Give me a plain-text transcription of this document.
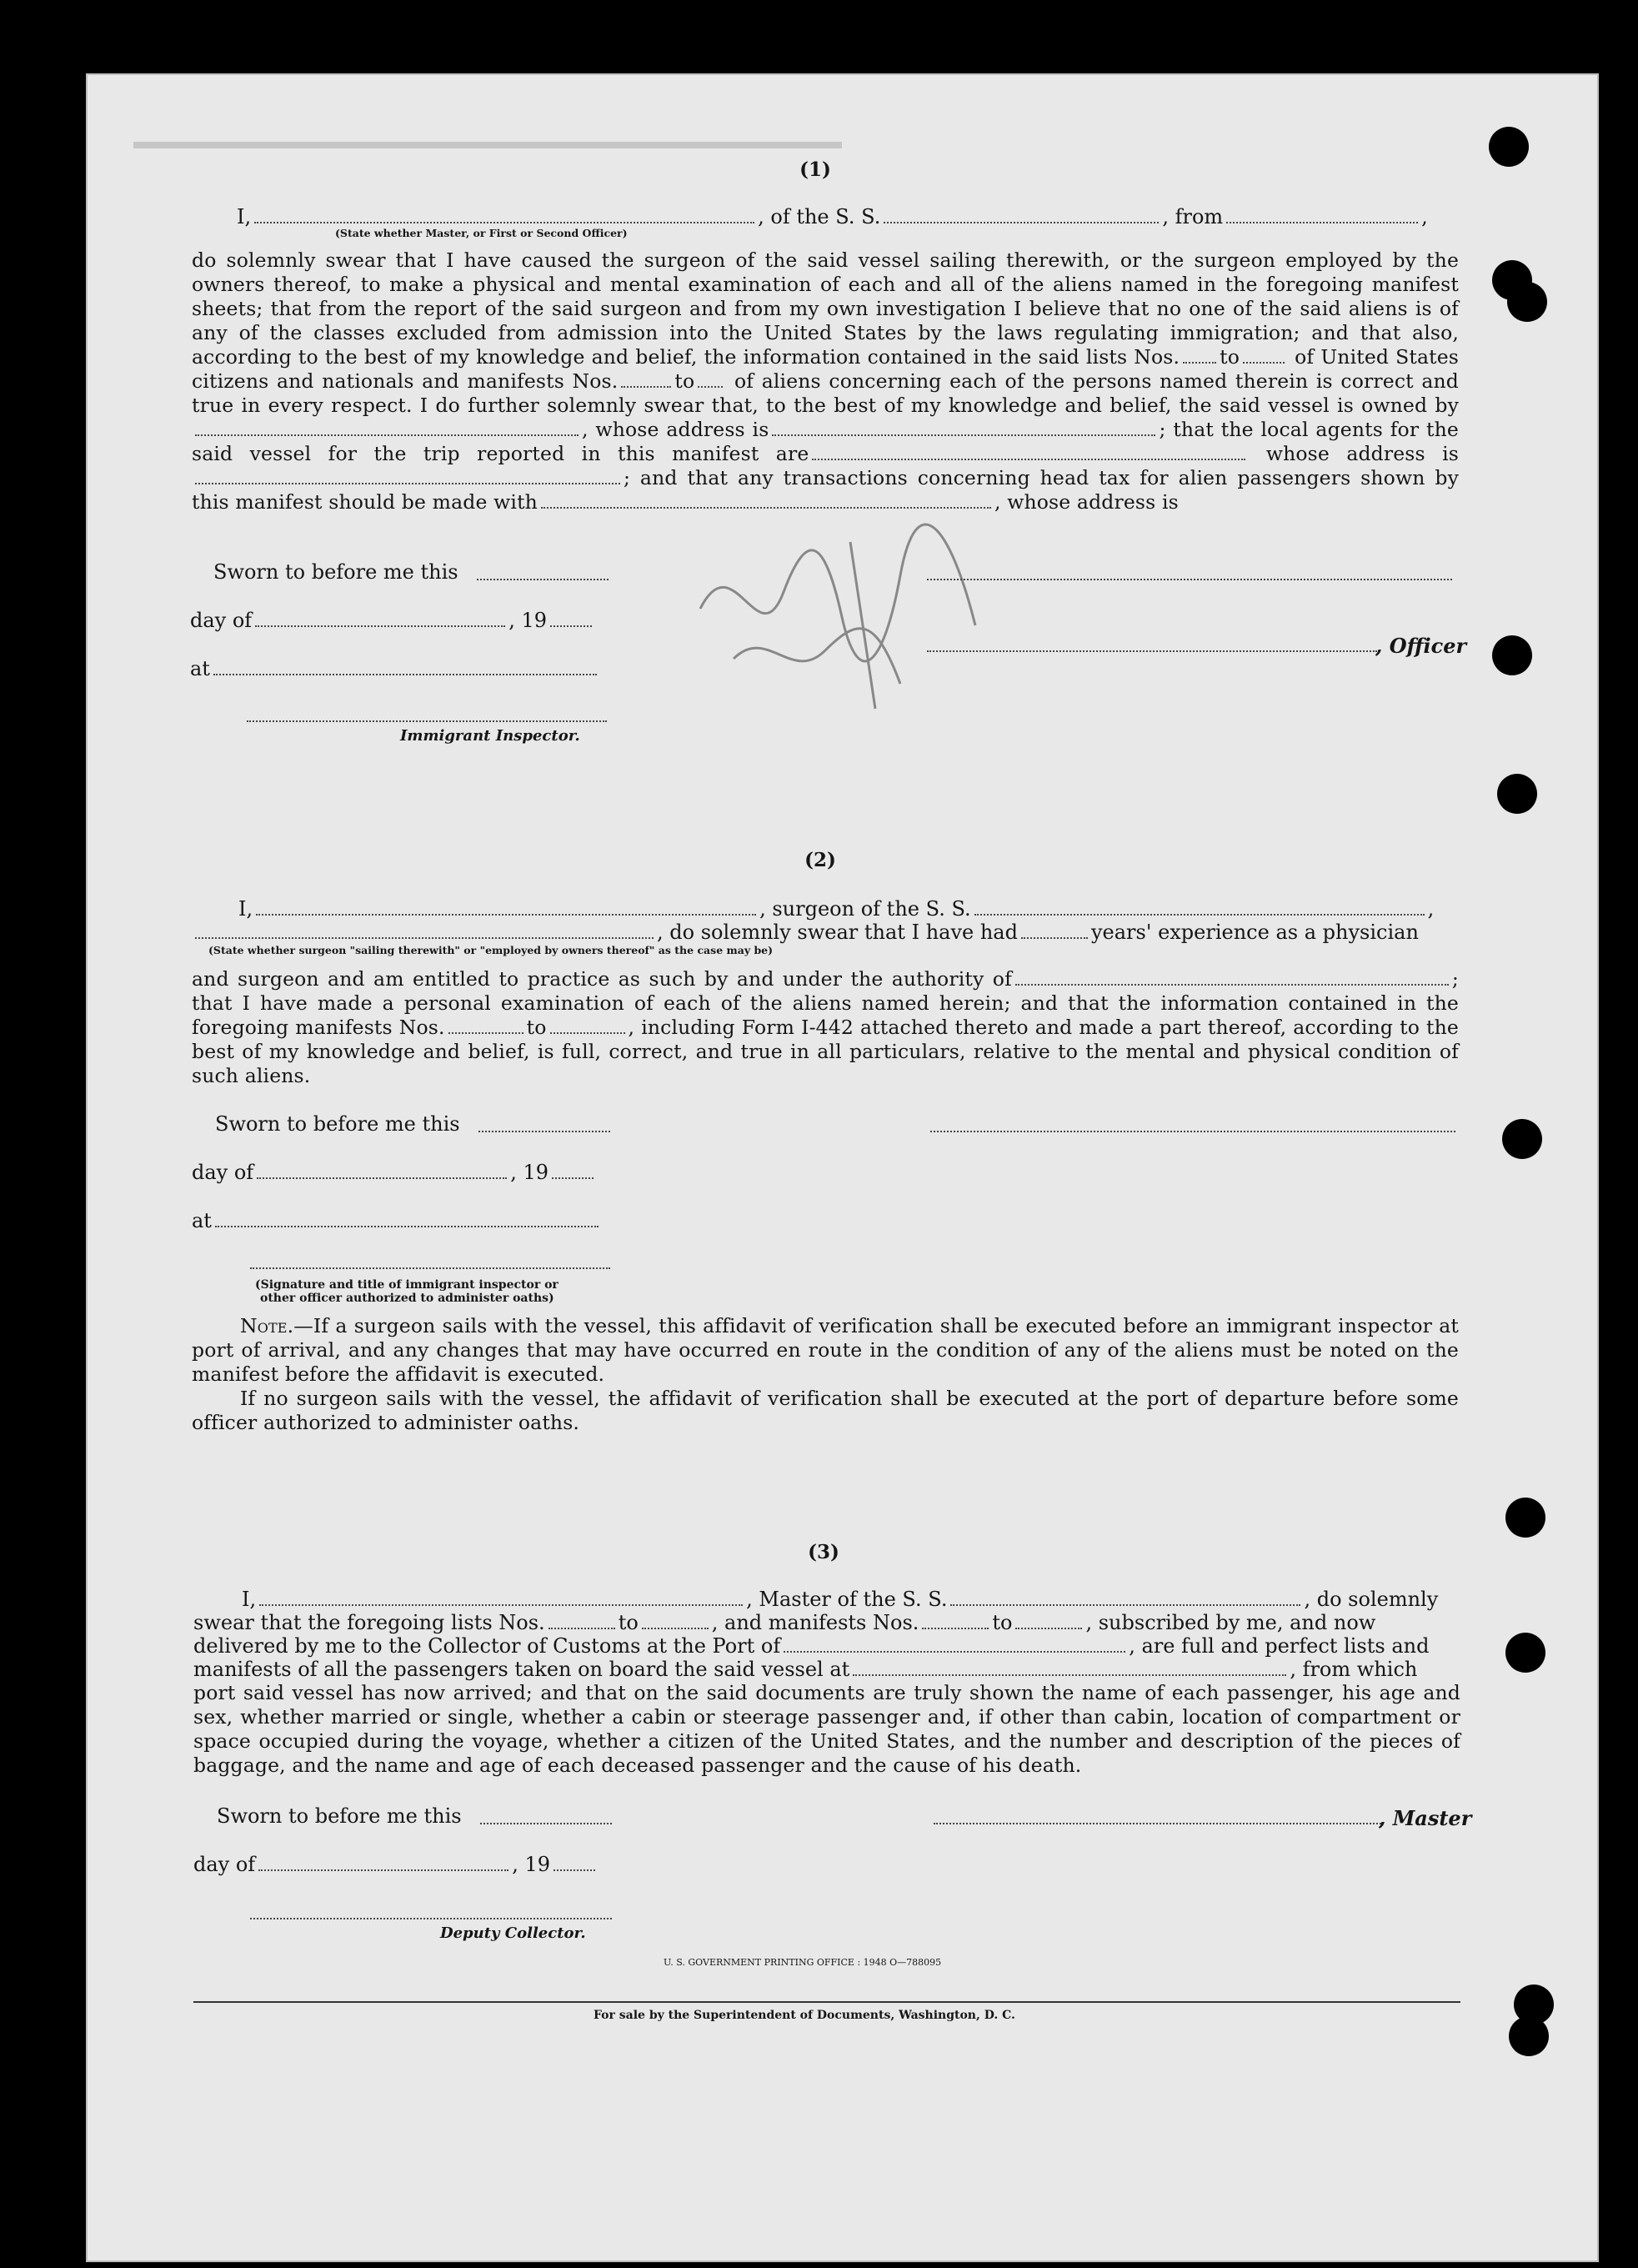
(1)
I,	, of the S. S.	, from	,
(State whether Master, or First or Second Officer)

do solemnly swear that I have caused the surgeon of the said vessel sailing therewith, or the surgeon employed by the owners thereof, to make a physical and mental examination of each and all of the aliens named in the foregoing manifest sheets; that from the report of the said surgeon and from my own investigation I believe that no one of the said aliens is of any of the classes excluded from admission into the United States by the laws regulating immigration; and that also, according to the best of my knowledge and belief, the information contained in the said lists Nos. to	of United States citizens and nationals and manifests Nos.	to of aliens concerning each of the persons named therein is correct and true in every respect. I do further solemnly swear that, to the best of my knowledge and belief, the said vessel is owned by, whose address is	; that the local agents for the said vessel for the trip reported in this manifest are	whose address is; and that any transactions concerning head tax for alien passengers shown by this manifest should be made with	, whose address is

Sworn to before me this
day of	, 19
, Officer
at
Immigrant Inspector.
(2)
I,	, surgeon of the S. S.	,
, do solemnly swear that I have had	years' experience as a physician
(State whether surgeon "sailing therewith" or "employed by owners thereof" as the case may be)

and surgeon and am entitled to practice as such by and under the authority of	; that I have made a personal examination of each of the aliens named herein; and that the information contained in the foregoing manifests Nos.	to	, including Form I-442 attached thereto and made a part thereof, according to the best of my knowledge and belief, is full, correct, and true in all particulars, relative to the mental and physical condition of such aliens.

Sworn to before me this
day of	, 19
at
(Signature and title of immigrant inspector or
other officer authorized to administer oaths)

Note.—If a surgeon sails with the vessel, this affidavit of verification shall be executed before an immigrant inspector at port of arrival, and any changes that may have occurred en route in the condition of any of the aliens must be noted on the manifest before the affidavit is executed.

If no surgeon sails with the vessel, the affidavit of verification shall be executed at the port of departure before some officer authorized to administer oaths.

(3)
I,	, Master of the S. S.	, do solemnly
swear that the foregoing lists Nos.	to	, and manifests Nos.	to	, subscribed by me, and now
delivered by me to the Collector of Customs at the Port of	, are full and perfect lists and
manifests of all the passengers taken on board the said vessel at	, from which

port said vessel has now arrived; and that on the said documents are truly shown the name of each passenger, his age and sex, whether married or single, whether a cabin or steerage passenger and, if other than cabin, location of compartment or space occupied during the voyage, whether a citizen of the United States, and the number and description of the pieces of baggage, and the name and age of each deceased passenger and the cause of his death.

Sworn to before me this	, Master
day of	, 19
Deputy Collector.
U. S. GOVERNMENT PRINTING OFFICE : 1948 O—788095
For sale by the Superintendent of Documents, Washington, D. C.
